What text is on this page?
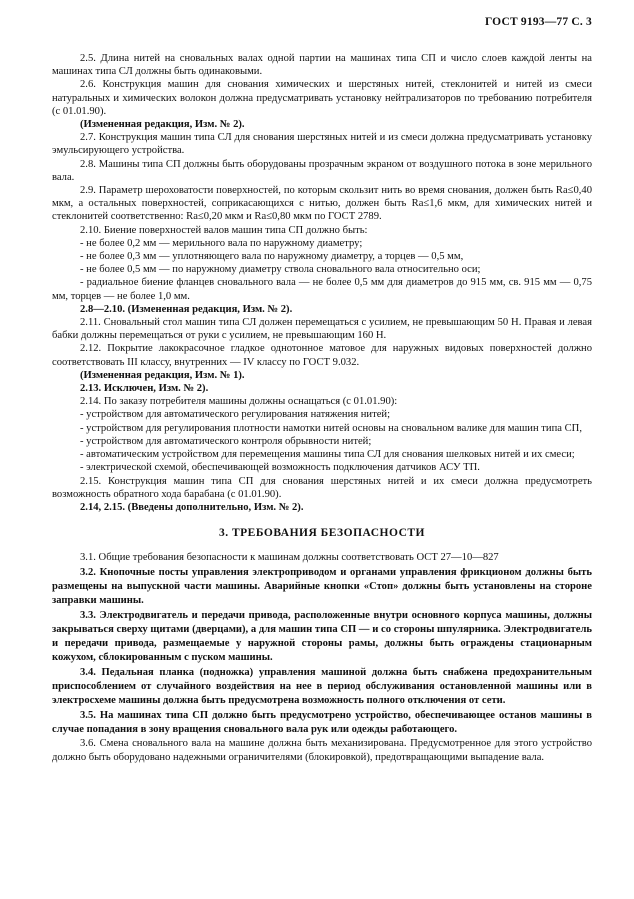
ГОСТ 9193—77 С. 3

2.5. Длина нитей на сновальных валах одной партии на машинах типа СП и число слоев каждой ленты на машинах типа СЛ должны быть одинаковыми.

2.6. Конструкция машин для снования химических и шерстяных нитей, стеклонитей и нитей из смеси натуральных и химических волокон должна предусматривать установку нейтрализаторов по требованию потребителя (с 01.01.90).

(Измененная редакция, Изм. № 2).

2.7. Конструкция машин типа СЛ для снования шерстяных нитей и из смеси должна предусматривать установку эмульсирующего устройства.

2.8. Машины типа СП должны быть оборудованы прозрачным экраном от воздушного потока в зоне мерильного вала.

2.9. Параметр шероховатости поверхностей, по которым скользит нить во время снования, должен быть Ra≤0,40 мкм, а остальных поверхностей, соприкасающихся с нитью, должен быть Ra≤1,6 мкм, для химических нитей и стеклонитей соответственно: Ra≤0,20 мкм и Ra≤0,80 мкм по ГОСТ 2789.

2.10. Биение поверхностей валов машин типа СП должно быть:

- не более 0,2 мм — мерильного вала по наружному диаметру;

- не более 0,3 мм — уплотняющего вала по наружному диаметру, а торцев — 0,5 мм,

- не более 0,5 мм — по наружному диаметру ствола сновального вала относительно оси;

- радиальное биение фланцев сновального вала — не более 0,5 мм для диаметров до 915 мм, св. 915 мм — 0,75 мм, торцев — не более 1,0 мм.

2.8—2.10. (Измененная редакция, Изм. № 2).

2.11. Сновальный стол машин типа СЛ должен перемещаться с усилием, не превышающим 50 Н. Правая и левая бабки должны перемещаться от руки с усилием, не превышающим 160 Н.

2.12. Покрытие лакокрасочное гладкое однотонное матовое для наружных видовых поверхностей должно соответствовать III классу, внутренних — IV классу по ГОСТ 9.032.

(Измененная редакция, Изм. № 1).

2.13. Исключен, Изм. № 2).

2.14. По заказу потребителя машины должны оснащаться (с 01.01.90):

- устройством для автоматического регулирования натяжения нитей;

- устройством для регулирования плотности намотки нитей основы на сновальном валике для машин типа СП,

- устройством для автоматического контроля обрывности нитей;

- автоматическим устройством для перемещения машины типа СЛ для снования шелковых нитей и их смеси;

- электрической схемой, обеспечивающей возможность подключения датчиков АСУ ТП.

2.15. Конструкция машин типа СП для снования шерстяных нитей и их смеси должна предусмотреть возможность обратного хода барабана (с 01.01.90).

2.14, 2.15. (Введены дополнительно, Изм. № 2).

3. ТРЕБОВАНИЯ БЕЗОПАСНОСТИ

3.1. Общие требования безопасности к машинам должны соответствовать ОСТ 27—10—827

3.2. Кнопочные посты управления электроприводом и органами управления фрикционом должны быть размещены на выпускной части машины. Аварийные кнопки «Стоп» должны быть установлены на стороне заправки машины.

3.3. Электродвигатель и передачи привода, расположенные внутри основного корпуса машины, должны закрываться сверху щитами (дверцами), а для машин типа СП — и со стороны шпулярника. Электродвигатель и передачи привода, размещаемые у наружной стороны рамы, должны быть ограждены стационарным кожухом, сблокированным с пуском машины.

3.4. Педальная планка (подножка) управления машиной должна быть снабжена предохранительным приспособлением от случайного воздействия на нее в период обслуживания остановленной машины или в электросхеме машины должна быть предусмотрена возможность полного отключения от сети.

3.5. На машинах типа СП должно быть предусмотрено устройство, обеспечивающее останов машины в случае попадания в зону вращения сновального вала рук или одежды работающего.

3.6. Смена сновального вала на машине должна быть механизирована. Предусмотренное для этого устройство должно быть оборудовано надежными ограничителями (блокировкой), предотвращающими выпадение вала.
